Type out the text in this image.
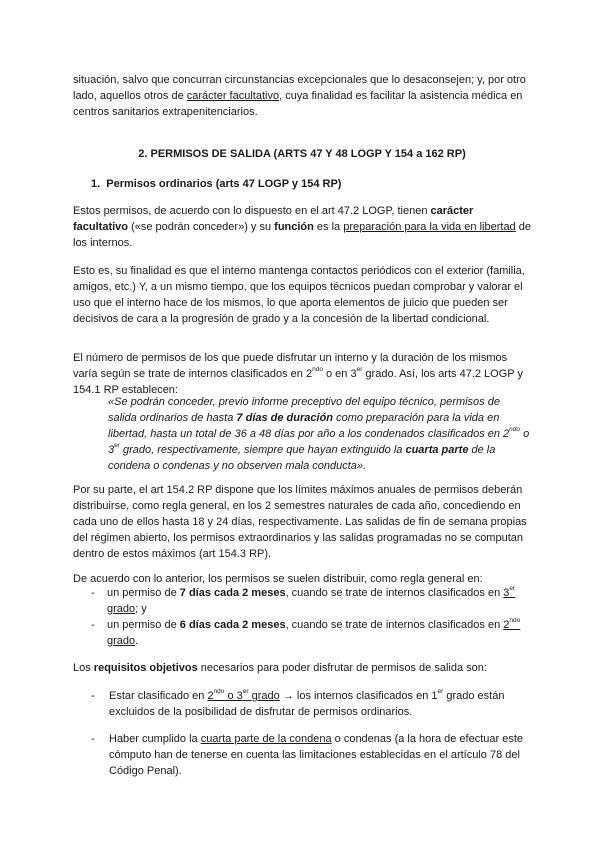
situación, salvo que concurran circunstancias excepcionales que lo desaconsejen; y, por otro lado, aquellos otros de carácter facultativo, cuya finalidad es facilitar la asistencia médica en centros sanitarios extrapenitenciarios.
2. PERMISOS DE SALIDA (ARTS 47 Y 48 LOGP Y 154 a 162 RP)
1.  Permisos ordinarios (arts 47 LOGP y 154 RP)
Estos permisos, de acuerdo con lo dispuesto en el art 47.2 LOGP, tienen carácter facultativo («se podrán conceder») y su función es la preparación para la vida en libertad de los internos.
Esto es, su finalidad es que el interno mantenga contactos periódicos con el exterior (familia, amigos, etc.) Y, a un mismo tiempo, que los equipos técnicos puedan comprobar y valorar el uso que el interno hace de los mismos, lo que aporta elementos de juicio que pueden ser decisivos de cara a la progresión de grado y a la concesión de la libertad condicional.
El número de permisos de los que puede disfrutar un interno y la duración de los mismos varía según se trate de internos clasificados en $2^{ndo}$ o en 3er grado. Así, los arts 47.2 LOGP y 154.1 RP establecen:
«Se podrán conceder, previo informe preceptivo del equipo técnico, permisos de salida ordinarios de hasta 7 días de duración como preparación para la vida en libertad, hasta un total de 36 a 48 días por año a los condenados clasificados en $2^{ndo}$ o 3er grado, respectivamente, siempre que hayan extinguido la cuarta parte de la condena o condenas y no observen mala conducta».
Por su parte, el art 154.2 RP dispone que los límites máximos anuales de permisos deberán distribuirse, como regla general, en los 2 semestres naturales de cada año, concediendo en cada uno de ellos hasta 18 y 24 días, respectivamente. Las salidas de fin de semana propias del régimen abierto, los permisos extraordinarios y las salidas programadas no se computan dentro de estos máximos (art 154.3 RP).
De acuerdo con lo anterior, los permisos se suelen distribuir, como regla general en:
-	un permiso de 7 días cada 2 meses, cuando se trate de internos clasificados en 3er grado; y
-	un permiso de 6 días cada 2 meses, cuando se trate de internos clasificados en $2^{ndo}$ grado.
Los requisitos objetivos necesarios para poder disfrutar de permisos de salida son:
-	Estar clasificado en $2^{ndo}$ o 3er grado → los internos clasificados en 1er grado están excluidos de la posibilidad de disfrutar de permisos ordinarios.
-	Haber cumplido la cuarta parte de la condena o condenas (a la hora de efectuar este cómputo han de tenerse en cuenta las limitaciones establecidas en el artículo 78 del Código Penal).
